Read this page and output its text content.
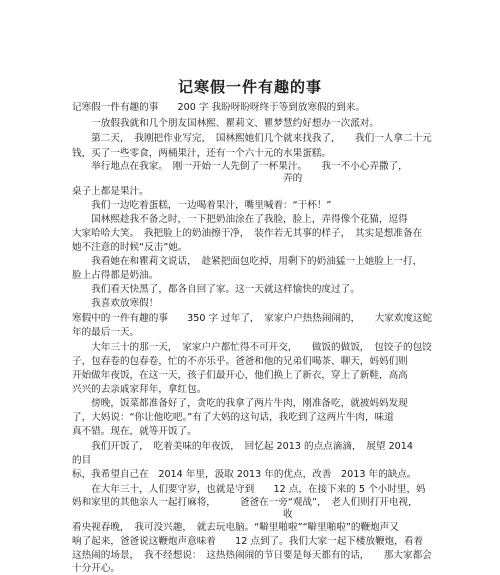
记寒假一件有趣的事
记寒假一件有趣的事　　200 字 我盼呀盼呀终于等到放寒假的到来。
　　一放假我就和几个朋友国林熙、瞿莉文、瞿梦慧约好想办一次派对。
　　第二天，　我刚把作业写完，　国林熙她们几个就来找我了，　　我们一人拿二十元
钱，买了一些零食，两桶果汁，还有一个六十元的水果蛋糕。
　　举行地点在我家。　刚一开始一人先倒了一杯果汁。　　我一不小心弄撒了，
　　　　　　　　　　　　　　　　　　　　　　弄的
桌子上都是果汁。
　　我们一边吃着蛋糕，一边喝着果汁，嘴里喊着：“干杯！”
　　国林熙趁我不备之时，一下把奶油涂在了我脸，脸上，弄得像个花猫，逗得
大家哈哈大笑。　我把脸上的奶油擦干净，　装作若无其事的样子，　其实是想准备在
她不注意的时候“反击”她。
　　我看她在和瞿莉文说话，　趁紧把面包吃掉，用剩下的奶油猛一上她脸上一打，
脸上占得都是奶油。
　　我们看天快黑了，都各自回了家。这一天就这样愉快的度过了。
　　我喜欢放寒假！
寒假中的一件有趣的事　　350 字 过年了，　家家户户热热闹闹的，　　大家欢度这蛇
年的最后一天。
　　大年三十的那一天，　家家户户都忙得不可开交，　　做饭的做饭，　包饺子的包饺
子，包春卷的包春卷，忙的不亦乐乎。爸爸和他的兄弟们喝茶、聊天，妈妈们则
开始做年夜饭，在这一天，孩子们最开心，他们换上了新衣，穿上了新鞋，高高
兴兴的去亲戚家拜年，拿红包。
　　傍晚，饭菜都准备好了，贪吃的我拿了两片牛肉，刚准备吃，就被妈妈发现
了，大妈说：“你让他吃吧。”有了大妈的这句话，我吃到了这两片牛肉，味道
真不错。现在，就等开饭了。
　　我们开饭了，　吃着美味的年夜饭，　回忆起 2013 的点点滴滴，　展望 2014
的目
标，我希望自己在　2014 年里，汲取 2013 年的优点，改善　2013 年的缺点。
　　在大年三十，人们要守岁，也就是守到　　12 点，在接下来的 5 个小时里，妈
妈和家里的其他亲人一起打麻将，　　　爸爸在一旁“观战”，　老人们则打开电视，
　　　　　　　　　　　　　　　　　　　　　　收
看央视春晚，　我可没兴趣，　就去玩电脑。“噼里啪啦”“噼里啪啦”的鞭炮声又
响了起来，爸爸说这鞭炮声意味着　　12 点到了。我们大家一起下楼放鞭炮，看着
这热闹的场景，　我不经想说：　这热热闹闹的节日要是每天都有的话，　　那大家都会
十分开心。
